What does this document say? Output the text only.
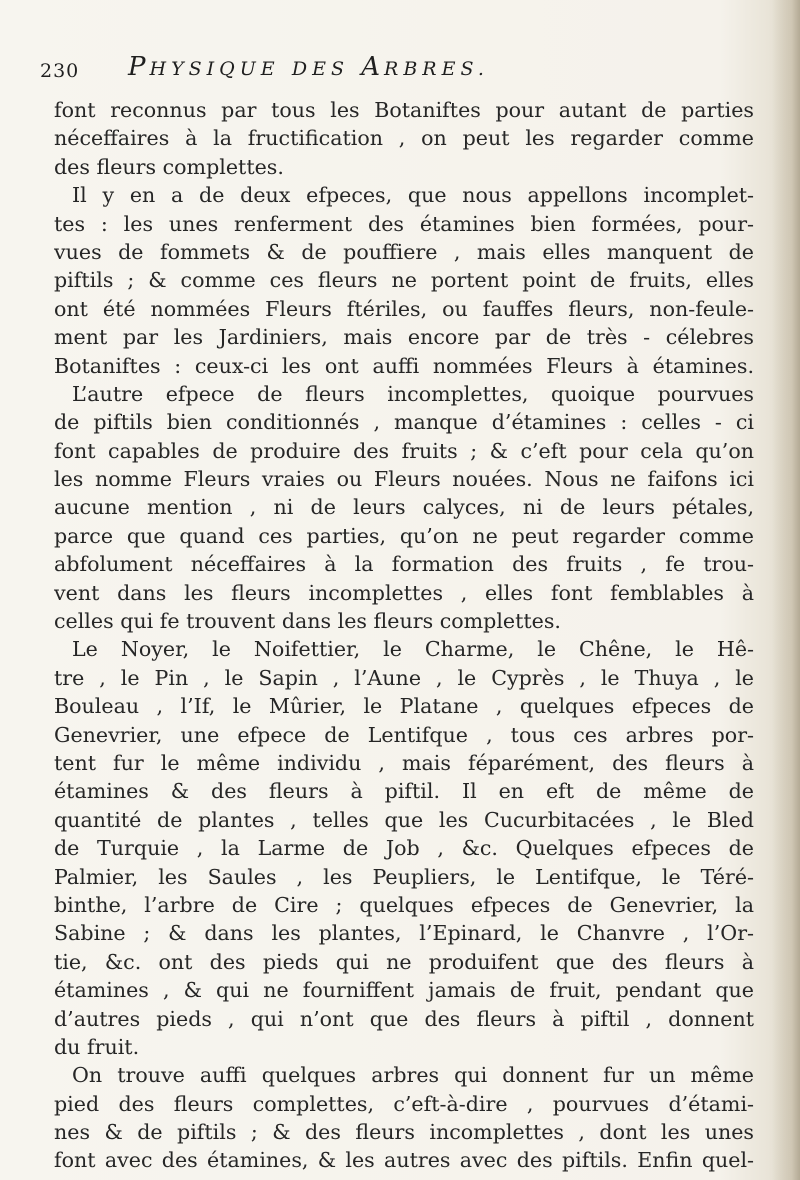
230 PHYSIQUE DES ARBRES.
font reconnus par tous les Botaniftes pour autant de parties
néceffaires à la fructification , on peut les regarder comme
des fleurs complettes.
Il y en a de deux efpeces, que nous appellons incomplet-
tes : les unes renferment des étamines bien formées, pour-
vues de fommets & de pouffiere , mais elles manquent de
piftils ; & comme ces fleurs ne portent point de fruits, elles
ont été nommées Fleurs ftériles, ou fauffes fleurs, non-feule-
ment par les Jardiniers, mais encore par de très - célebres
Botaniftes : ceux-ci les ont auffi nommées Fleurs à étamines.
L’autre efpece de fleurs incomplettes, quoique pourvues
de piftils bien conditionnés , manque d’étamines : celles - ci
font capables de produire des fruits ; & c’eft pour cela qu’on
les nomme Fleurs vraies ou Fleurs nouées. Nous ne faifons ici
aucune mention , ni de leurs calyces, ni de leurs pétales,
parce que quand ces parties, qu’on ne peut regarder comme
abfolument néceffaires à la formation des fruits , fe trou-
vent dans les fleurs incomplettes , elles font femblables à
celles qui fe trouvent dans les fleurs complettes.
Le Noyer, le Noifettier, le Charme, le Chêne, le Hê-
tre , le Pin , le Sapin , l’Aune , le Cyprès , le Thuya , le
Bouleau , l’If, le Mûrier, le Platane , quelques efpeces de
Genevrier, une efpece de Lentifque , tous ces arbres por-
tent fur le même individu , mais féparément, des fleurs à
étamines & des fleurs à piftil. Il en eft de même de
quantité de plantes , telles que les Cucurbitacées , le Bled
de Turquie , la Larme de Job , &c. Quelques efpeces de
Palmier, les Saules , les Peupliers, le Lentifque, le Téré-
binthe, l’arbre de Cire ; quelques efpeces de Genevrier, la
Sabine ; & dans les plantes, l’Epinard, le Chanvre , l’Or-
tie, &c. ont des pieds qui ne produifent que des fleurs à
étamines , & qui ne fourniffent jamais de fruit, pendant que
d’autres pieds , qui n’ont que des fleurs à piftil , donnent
du fruit.
On trouve auffi quelques arbres qui donnent fur un même
pied des fleurs complettes, c’eft-à-dire , pourvues d’étami-
nes & de piftils ; & des fleurs incomplettes , dont les unes
font avec des étamines, & les autres avec des piftils. Enfin quel-
